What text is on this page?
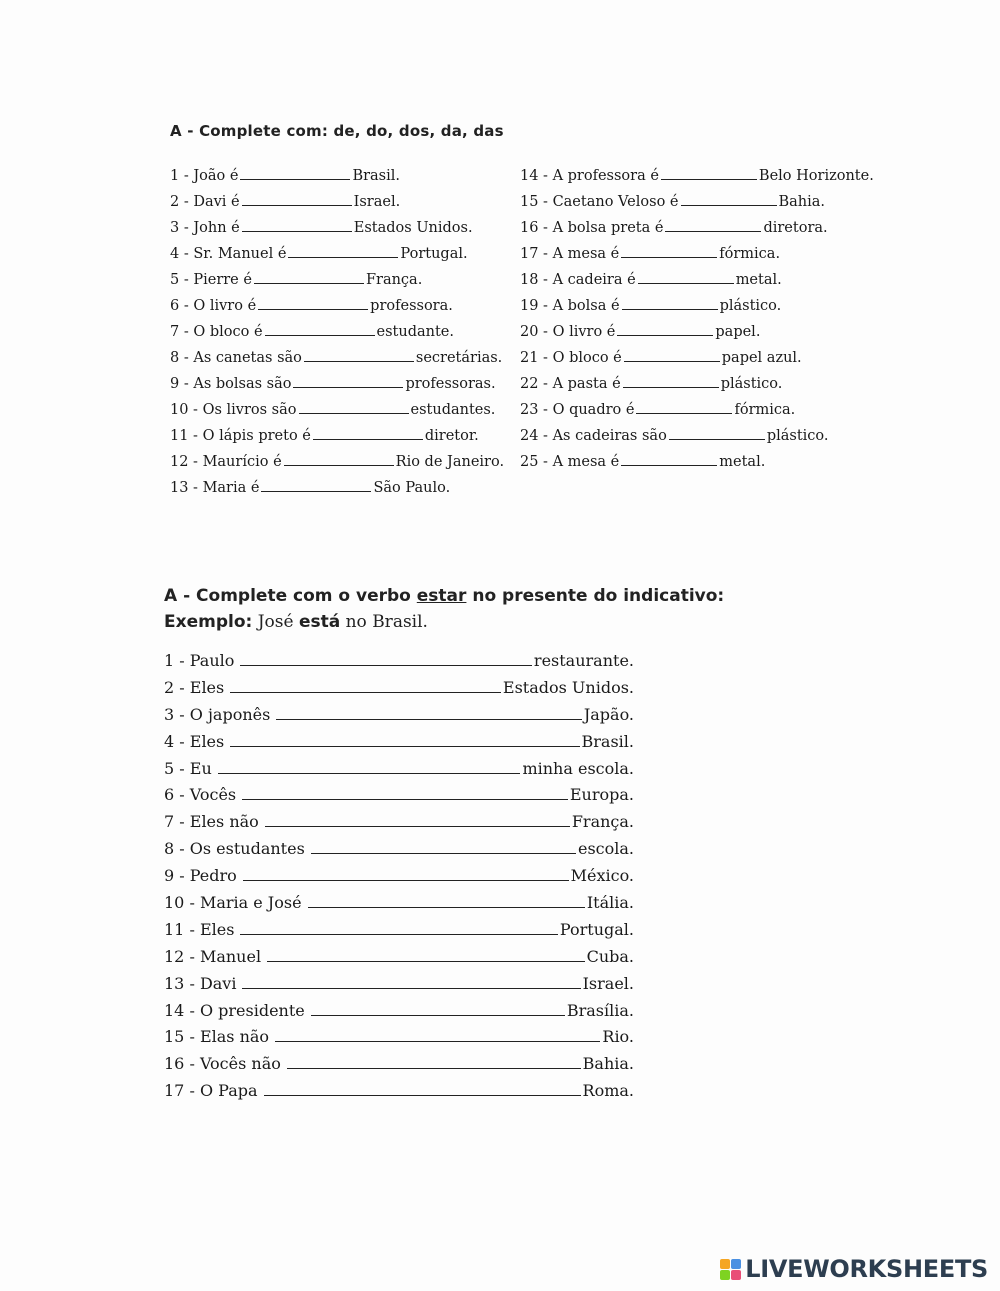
A - Complete com: de, do, dos, da, das
1 - João é	Brasil.
2 - Davi é	Israel.
3 - John é	Estados Unidos.
4 - Sr. Manuel é	Portugal.
5 - Pierre é	França.
6 - O livro é	professora.
7 - O bloco é	estudante.
8 - As canetas são	secretárias.
9 - As bolsas são	professoras.
10 - Os livros são	estudantes.
11 - O lápis preto é	diretor.
12 - Maurício é	Rio de Janeiro.
13 - Maria é	São Paulo.
14 - A professora é	Belo Horizonte.
15 - Caetano Veloso é	Bahia.
16 - A bolsa preta é	diretora.
17 - A mesa é	fórmica.
18 - A cadeira é	metal.
19 - A bolsa é	plástico.
20 - O livro é	papel.
21 - O bloco é	papel azul.
22 - A pasta é	plástico.
23 - O quadro é	fórmica.
24 - As cadeiras são	plástico.
25 - A mesa é	metal.
A - Complete com o verbo estar no presente do indicativo:
Exemplo: José está no Brasil.
1 - Paulo	restaurante.
2 - Eles	Estados Unidos.
3 - O japonês	Japão.
4 - Eles	Brasil.
5 - Eu	minha escola.
6 - Vocês	Europa.
7 - Eles não	França.
8 - Os estudantes	escola.
9 - Pedro	México.
10 - Maria e José	Itália.
11 - Eles	Portugal.
12 - Manuel	Cuba.
13 - Davi	Israel.
14 - O presidente	Brasília.
15 - Elas não	Rio.
16 - Vocês não	Bahia.
17 - O Papa	Roma.
LIVEWORKSHEETS
